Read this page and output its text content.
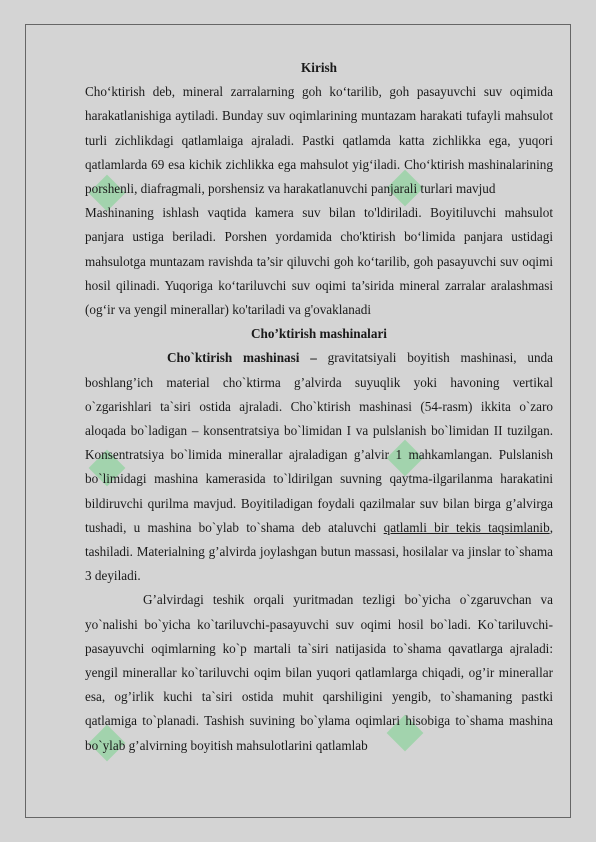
Kirish

Cho‘ktirish deb, mineral zarralarning goh ko‘tarilib, goh pasayuvchi suv oqimida harakatlanishiga aytiladi. Bunday suv oqimlarining muntazam harakati tufayli mahsulot turli zichlikdagi qatlamlaiga ajraladi. Pastki qatlamda katta zichlikka ega, yuqori qatlamlarda 69 esa kichik zichlikka ega mahsulot yig‘iladi. Cho‘ktirish mashinalarining porshenli, diafragmali, porshensiz va harakatlanuvchi panjarali turlari mavjud

Mashinaning ishlash vaqtida kamera suv bilan to'ldiriladi. Boyitiluvchi mahsulot panjara ustiga beriladi. Porshen yordamida cho'ktirish bo‘limida panjara ustidagi mahsulotga muntazam ravishda ta’sir qiluvchi goh ko‘tarilib, goh pasayuvchi suv oqimi hosil qilinadi. Yuqoriga ko‘tariluvchi suv oqimi ta’sirida mineral zarralar aralashmasi (og‘ir va yengil minerallar) ko'tariladi va g'ovaklanadi

Cho’ktirish mashinalari

Cho`ktirish mashinasi – gravitatsiyali boyitish mashinasi, unda boshlang’ich material cho`ktirma g’alvirda suyuqlik yoki havoning vertikal o`zgarishlari ta`siri ostida ajraladi. Cho`ktirish mashinasi (54-rasm) ikkita o`zaro aloqada bo`ladigan – konsentratsiya bo`limidan I va pulslanish bo`limidan II tuzilgan. Konsentratsiya bo`limida minerallar ajraladigan g’alvir 1 mahkamlangan. Pulslanish bo`limidagi mashina kamerasida to`ldirilgan suvning qaytma-ilgarilanma harakatini bildiruvchi qurilma mavjud. Boyitiladigan foydali qazilmalar suv bilan birga g’alvirga tushadi, u mashina bo`ylab to`shama deb ataluvchi qatlamli bir tekis taqsimlanib, tashiladi. Materialning g’alvirda joylashgan butun massasi, hosilalar va jinslar to`shama 3 deyiladi.

G’alvirdagi teshik orqali yuritmadan tezligi bo`yicha o`zgaruvchan va yo`nalishi bo`yicha ko`tariluvchi-pasayuvchi suv oqimi hosil bo`ladi. Ko`tariluvchi-pasayuvchi oqimlarning ko`p martali ta`siri natijasida to`shama qavatlarga ajraladi: yengil minerallar ko`tariluvchi oqim bilan yuqori qatlamlarga chiqadi, og’ir minerallar esa, og’irlik kuchi ta`siri ostida muhit qarshiligini yengib, to`shamaning pastki qatlamiga to`planadi. Tashish suvining bo`ylama oqimlari hisobiga to`shama mashina bo`ylab g’alvirning boyitish mahsulotlarini qatlamlab
